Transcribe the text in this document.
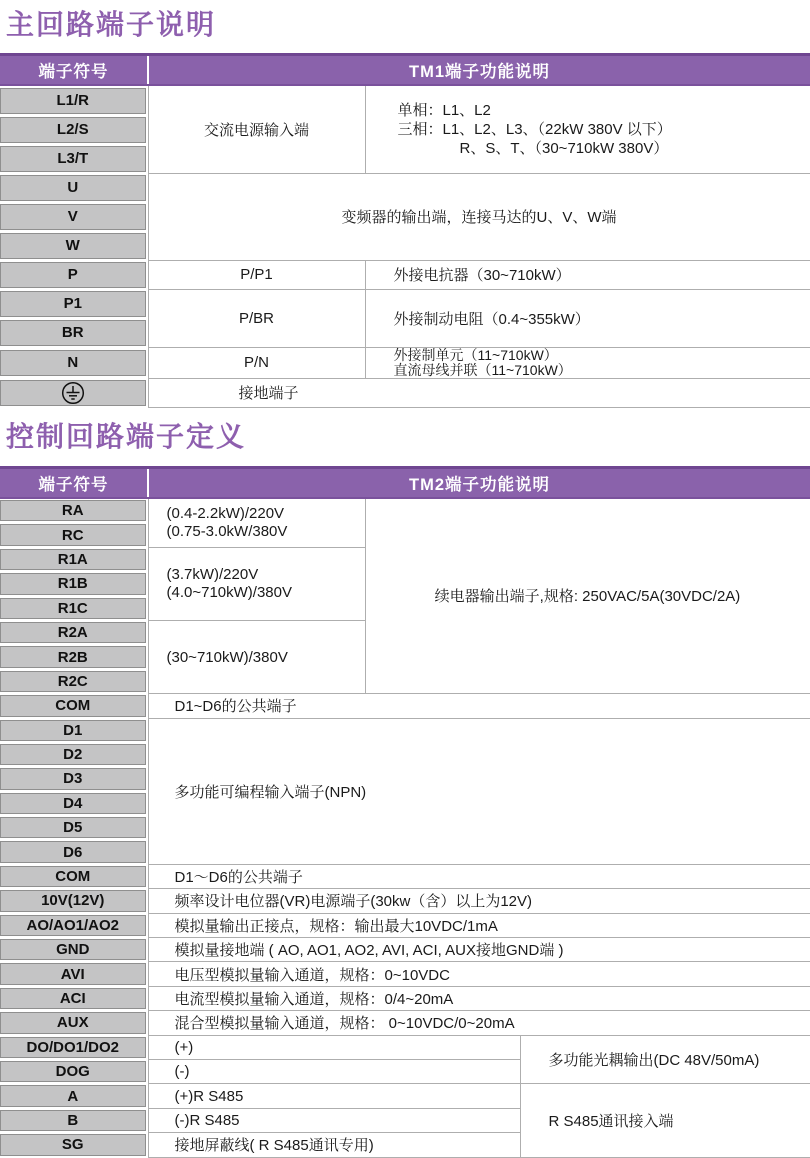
主回路端子说明
端子符号	TM1端子功能说明	

L1/R	交流电源输入端	单相：L1、L2
三相：L1、L2、L3、（22kW 380V 以下）
R、S、T、（30~710kW 380V）

L2/S		

L3/T		

U	变频器的输出端，连接马达的U、V、W端	

V		

W		

P	P/P1	外接电抗器（30~710kW）

P1	P/BR	外接制动电阻（0.4~355kW）

BR		

N	P/N	外接制单元（11~710kW）
直流母线并联（11~710kW）

	接地端子	
控制回路端子定义
端子符号	TM2端子功能说明		

RA	(0.4-2.2kW)/220V
(0.75-3.0kW/380V	续电器输出端子,规格: 250VAC/5A(30VDC/2A)	

RC			

R1A	(3.7kW)/220V
(4.0~710kW)/380V		

R1B			

R1C			

R2A	(30~710kW)/380V		

R2B			

R2C			

COM	D1~D6的公共端子		

D1	多功能可编程输入端子(NPN)		

D2			

D3			

D4			

D5			

D6			

COM	D1～D6的公共端子		

10V(12V)	频率设计电位器(VR)电源端子(30kw（含）以上为12V)		

AO/AO1/AO2	模拟量输出正接点，规格：输出最大10VDC/1mA		

GND	模拟量接地端 ( AO, AO1, AO2, AVI, ACI, AUX接地GND端 )		

AVI	电压型模拟量输入通道，规格：0~10VDC		

ACI	电流型模拟量输入通道，规格：0/4~20mA		

AUX	混合型模拟量输入通道，规格： 0~10VDC/0~20mA		

DO/DO1/DO2	(+)		多功能光耦输出(DC 48V/50mA)

DOG	(-)		

A	(+)R S485		R S485通讯接入端

B	(-)R S485		

SG	接地屏蔽线( R S485通讯专用)		
